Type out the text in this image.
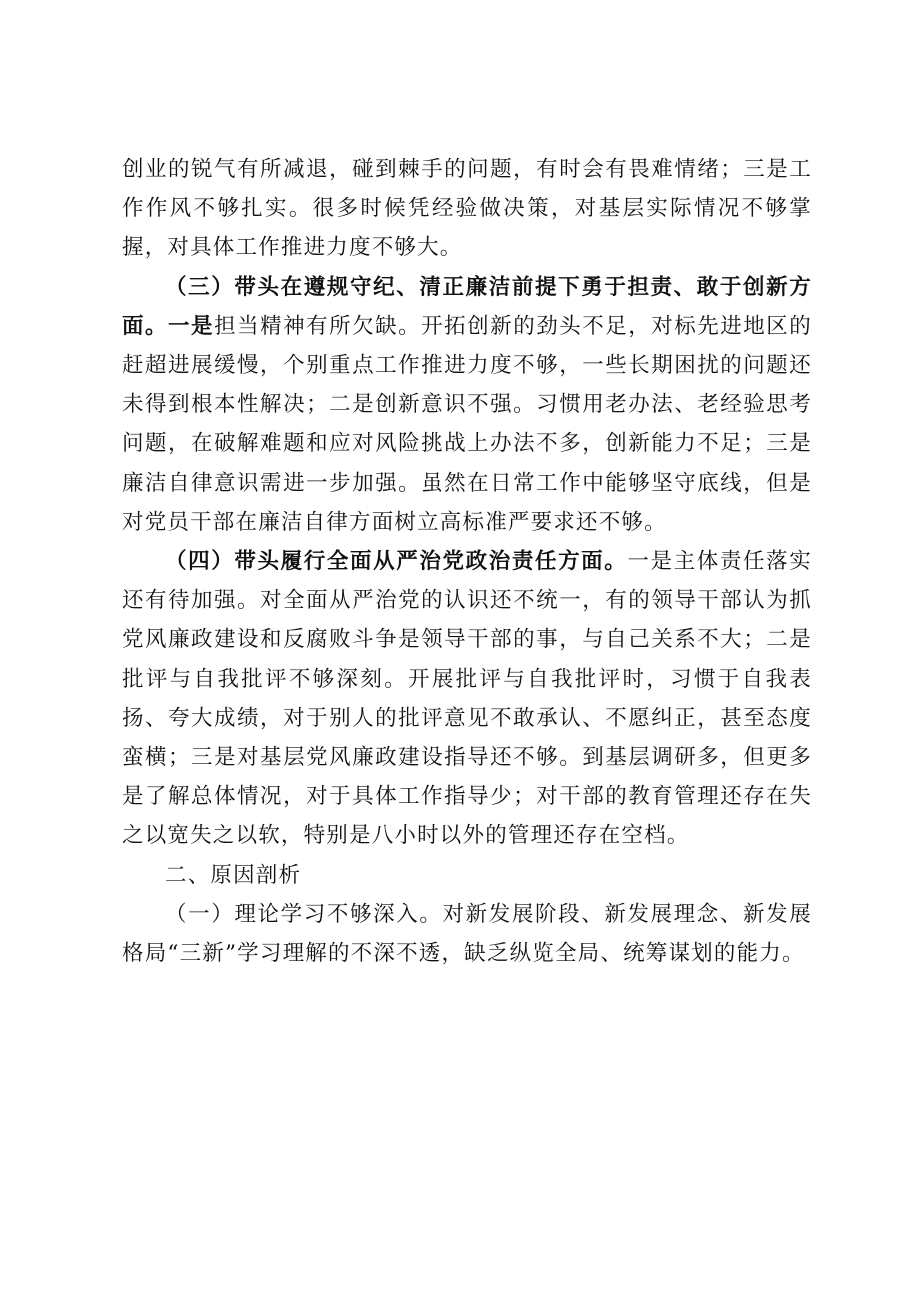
创业的锐气有所减退，碰到棘手的问题，有时会有畏难情绪；三是工作作风不够扎实。很多时候凭经验做决策，对基层实际情况不够掌握，对具体工作推进力度不够大。

（三）带头在遵规守纪、清正廉洁前提下勇于担责、敢于创新方面。一是担当精神有所欠缺。开拓创新的劲头不足，对标先进地区的赶超进展缓慢，个别重点工作推进力度不够，一些长期困扰的问题还未得到根本性解决；二是创新意识不强。习惯用老办法、老经验思考问题，在破解难题和应对风险挑战上办法不多，创新能力不足；三是廉洁自律意识需进一步加强。虽然在日常工作中能够坚守底线，但是对党员干部在廉洁自律方面树立高标准严要求还不够。

（四）带头履行全面从严治党政治责任方面。一是主体责任落实还有待加强。对全面从严治党的认识还不统一，有的领导干部认为抓党风廉政建设和反腐败斗争是领导干部的事，与自己关系不大；二是批评与自我批评不够深刻。开展批评与自我批评时，习惯于自我表扬、夸大成绩，对于别人的批评意见不敢承认、不愿纠正，甚至态度蛮横；三是对基层党风廉政建设指导还不够。到基层调研多，但更多是了解总体情况，对于具体工作指导少；对干部的教育管理还存在失之以宽失之以软，特别是八小时以外的管理还存在空档。

二、原因剖析

（一）理论学习不够深入。对新发展阶段、新发展理念、新发展格局“三新”学习理解的不深不透，缺乏纵览全局、统筹谋划的能力。
